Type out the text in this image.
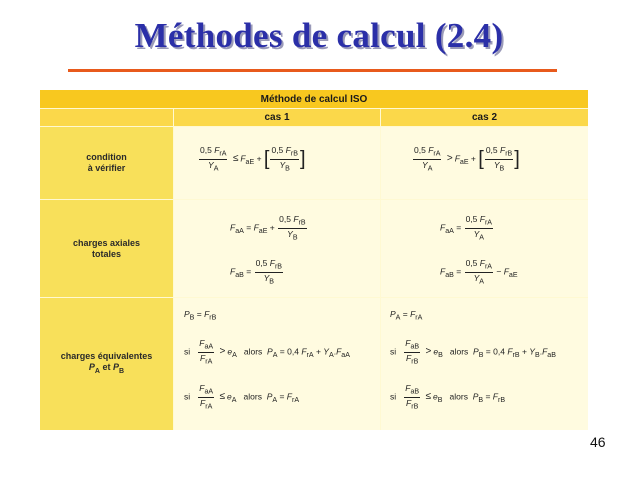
Méthodes de calcul (2.4)
Méthode de calcul ISO
cas 1	cas 2
condition
à vérifier
charges axiales
totales
charges équivalentes
$P_A$ et $P_B$
$\frac{0,5 F_{rA}}{Y_A} \le F_{aE}$ + [ $\frac{0,5 F_{rB}}{Y_B}$ ]	$\frac{0,5 F_{rA}}{Y_A} > F_{aE}$ + [ $\frac{0,5 F_{rB}}{Y_B}$ ]
$F_{aA} = F_{aE} + \frac{0,5 F_{rB}}{Y_B}$
$F_{aB} = \frac{0,5 F_{rB}}{Y_B}$
$F_{aA} = \frac{0,5 F_{rA}}{Y_A}$
$F_{aB} = \frac{0,5 F_{rA}}{Y_A} - F_{aE}$
$P_B = F_{rB}$
si $\frac{F_{aA}}{F_{rA}} > e_A$   alors  $P_A = 0,4$ $F_{rA} + Y_A.F_{aA}$
si $\frac{F_{aA}}{F_{rA}} \le e_A$   alors  $P_A = F_{rA}$
$P_A = F_{rA}$
si $\frac{F_{aB}}{F_{rB}} > e_B$   alors  $P_B = 0,4$ $F_{rB} + Y_B.F_{aB}$
si $\frac{F_{aB}}{F_{rB}} \le e_B$   alors  $P_B = F_{rB}$
46
